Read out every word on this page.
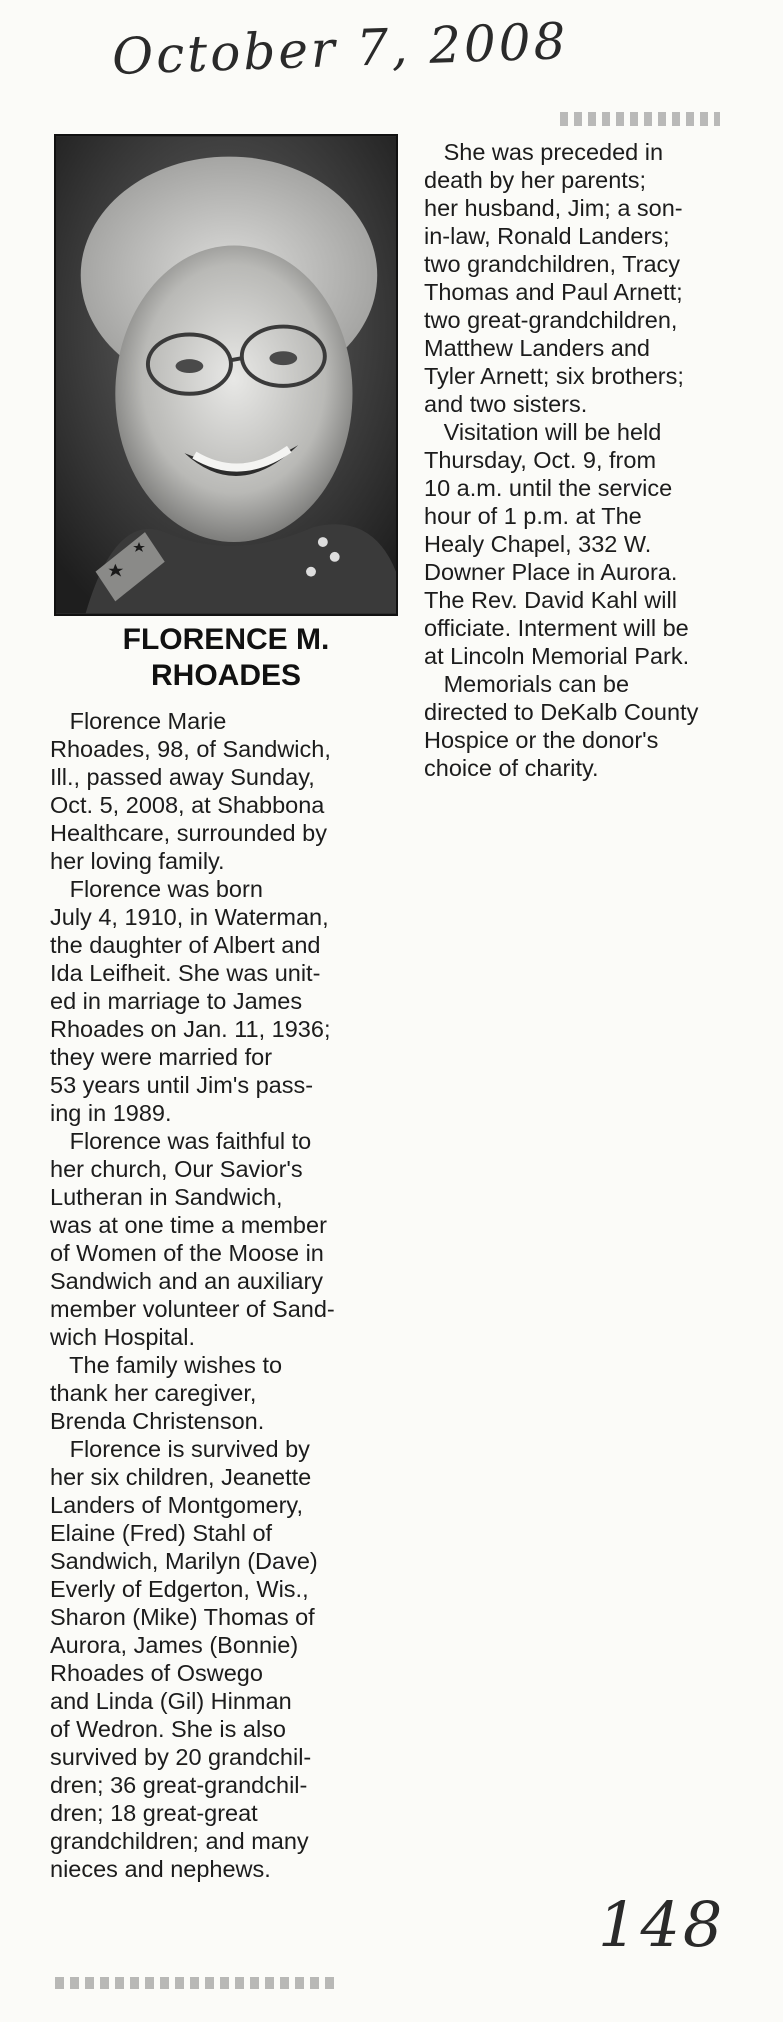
October 7, 2008
FLORENCE M.
RHOADES

Florence Marie

Rhoades, 98, of Sandwich,

Ill., passed away Sunday,

Oct. 5, 2008, at Shabbona

Healthcare, surrounded by

her loving family.

Florence was born

July 4, 1910, in Waterman,

the daughter of Albert and

Ida Leifheit. She was unit-

ed in marriage to James

Rhoades on Jan. 11, 1936;

they were married for

53 years until Jim's pass-

ing in 1989.

Florence was faithful to

her church, Our Savior's

Lutheran in Sandwich,

was at one time a member

of Women of the Moose in

Sandwich and an auxiliary

member volunteer of Sand-

wich Hospital.

The family wishes to

thank her caregiver,

Brenda Christenson.

Florence is survived by

her six children, Jeanette

Landers of Montgomery,

Elaine (Fred) Stahl of

Sandwich, Marilyn (Dave)

Everly of Edgerton, Wis.,

Sharon (Mike) Thomas of

Aurora, James (Bonnie)

Rhoades of Oswego

and Linda (Gil) Hinman

of Wedron. She is also

survived by 20 grandchil-

dren; 36 great-grandchil-

dren; 18 great-great

grandchildren; and many

nieces and nephews.

She was preceded in

death by her parents;

her husband, Jim; a son-

in-law, Ronald Landers;

two grandchildren, Tracy

Thomas and Paul Arnett;

two great-grandchildren,

Matthew Landers and

Tyler Arnett; six brothers;

and two sisters.

Visitation will be held

Thursday, Oct. 9, from

10 a.m. until the service

hour of 1 p.m. at The

Healy Chapel, 332 W.

Downer Place in Aurora.

The Rev. David Kahl will

officiate. Interment will be

at Lincoln Memorial Park.

Memorials can be

directed to DeKalb County

Hospice or the donor's

choice of charity.

148
